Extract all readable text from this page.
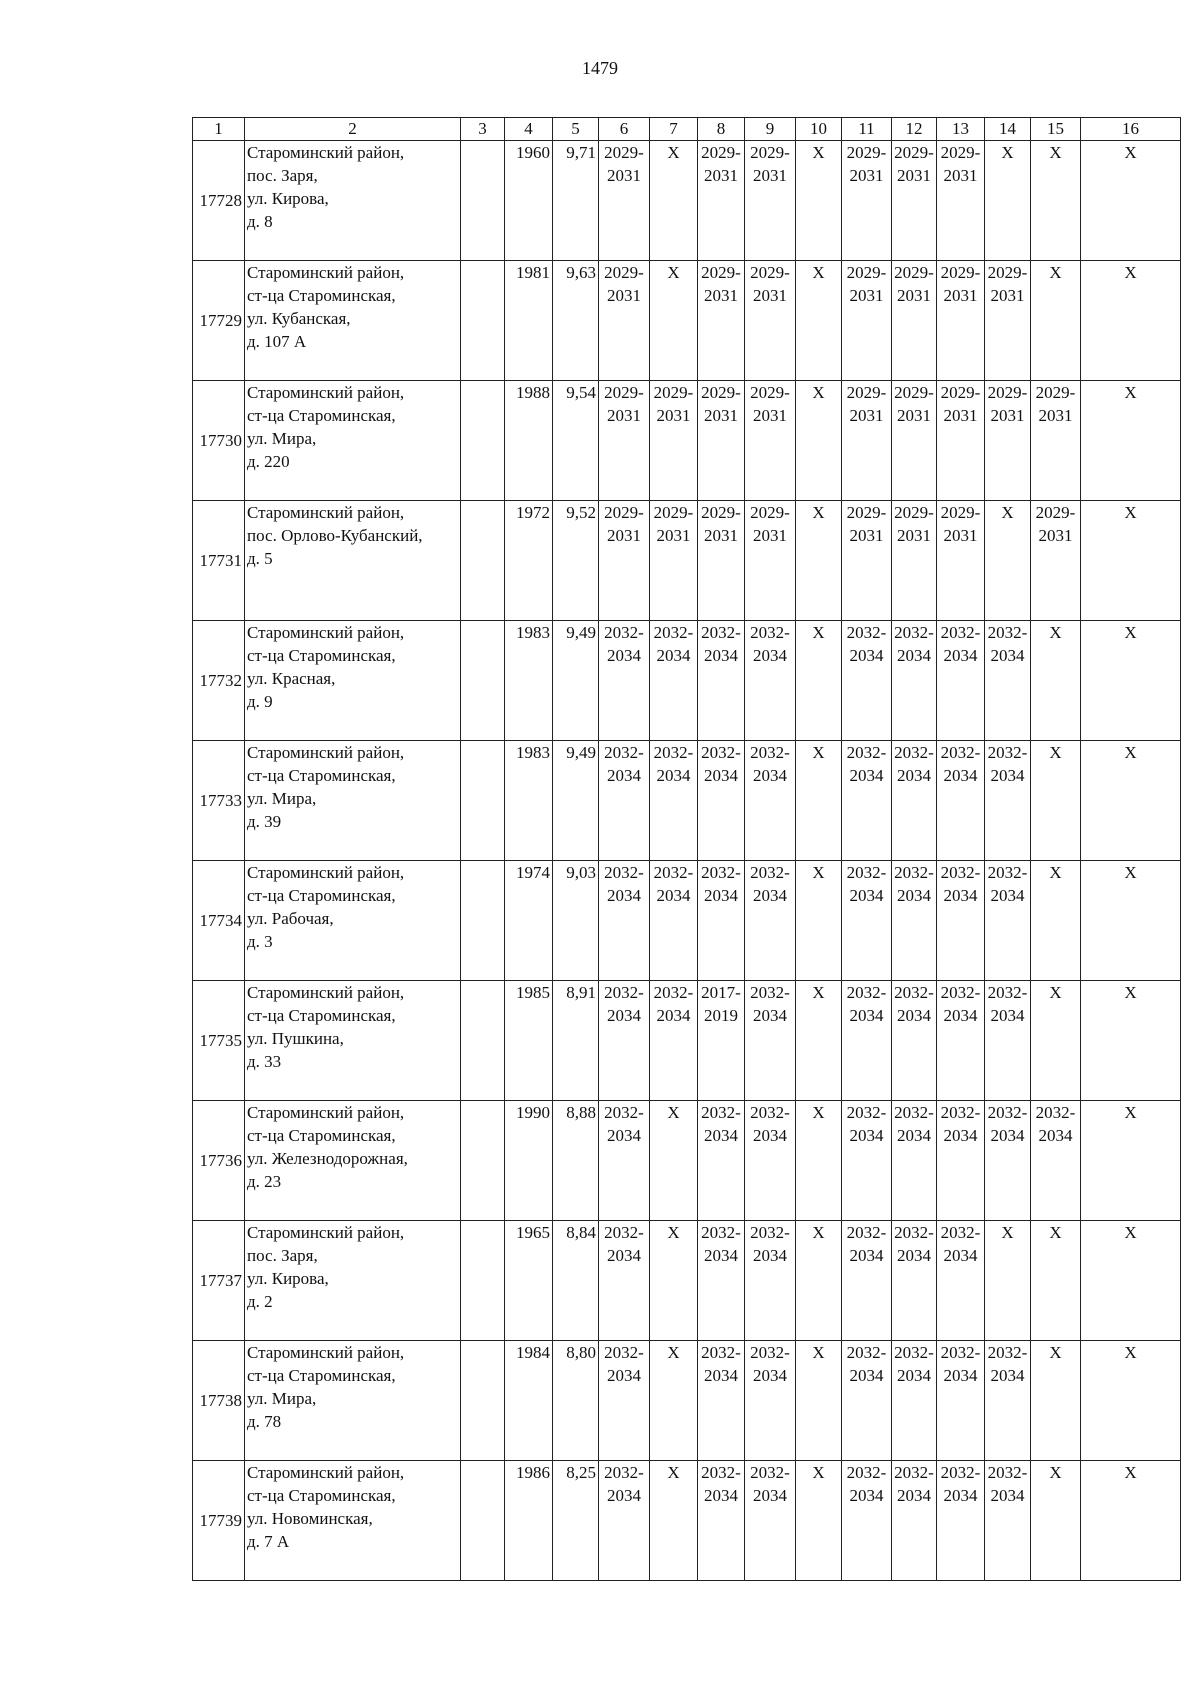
1479
1	2	3	4	5	6	7	8	9	10	11	12	13	14	15	16
17728	Староминский район,
пос. Заря,
ул. Кирова,
д. 8		1960	9,71	2029-
2031	X	2029-
2031	2029-
2031	X	2029-
2031	2029-
2031	2029-
2031	X	X	X

17729	Староминский район,
ст-ца Староминская,
ул. Кубанская,
д. 107 А		1981	9,63	2029-
2031	X	2029-
2031	2029-
2031	X	2029-
2031	2029-
2031	2029-
2031	2029-
2031	X	X

17730	Староминский район,
ст-ца Староминская,
ул. Мира,
д. 220		1988	9,54	2029-
2031	2029-
2031	2029-
2031	2029-
2031	X	2029-
2031	2029-
2031	2029-
2031	2029-
2031	2029-
2031	X

17731	Староминский район,
пос. Орлово-Кубанский,
д. 5		1972	9,52	2029-
2031	2029-
2031	2029-
2031	2029-
2031	X	2029-
2031	2029-
2031	2029-
2031	X	2029-
2031	X

17732	Староминский район,
ст-ца Староминская,
ул. Красная,
д. 9		1983	9,49	2032-
2034	2032-
2034	2032-
2034	2032-
2034	X	2032-
2034	2032-
2034	2032-
2034	2032-
2034	X	X

17733	Староминский район,
ст-ца Староминская,
ул. Мира,
д. 39		1983	9,49	2032-
2034	2032-
2034	2032-
2034	2032-
2034	X	2032-
2034	2032-
2034	2032-
2034	2032-
2034	X	X

17734	Староминский район,
ст-ца Староминская,
ул. Рабочая,
д. 3		1974	9,03	2032-
2034	2032-
2034	2032-
2034	2032-
2034	X	2032-
2034	2032-
2034	2032-
2034	2032-
2034	X	X

17735	Староминский район,
ст-ца Староминская,
ул. Пушкина,
д. 33		1985	8,91	2032-
2034	2032-
2034	2017-
2019	2032-
2034	X	2032-
2034	2032-
2034	2032-
2034	2032-
2034	X	X

17736	Староминский район,
ст-ца Староминская,
ул. Железнодорожная,
д. 23		1990	8,88	2032-
2034	X	2032-
2034	2032-
2034	X	2032-
2034	2032-
2034	2032-
2034	2032-
2034	2032-
2034	X

17737	Староминский район,
пос. Заря,
ул. Кирова,
д. 2		1965	8,84	2032-
2034	X	2032-
2034	2032-
2034	X	2032-
2034	2032-
2034	2032-
2034	X	X	X

17738	Староминский район,
ст-ца Староминская,
ул. Мира,
д. 78		1984	8,80	2032-
2034	X	2032-
2034	2032-
2034	X	2032-
2034	2032-
2034	2032-
2034	2032-
2034	X	X

17739	Староминский район,
ст-ца Староминская,
ул. Новоминская,
д. 7 А		1986	8,25	2032-
2034	X	2032-
2034	2032-
2034	X	2032-
2034	2032-
2034	2032-
2034	2032-
2034	X	X
